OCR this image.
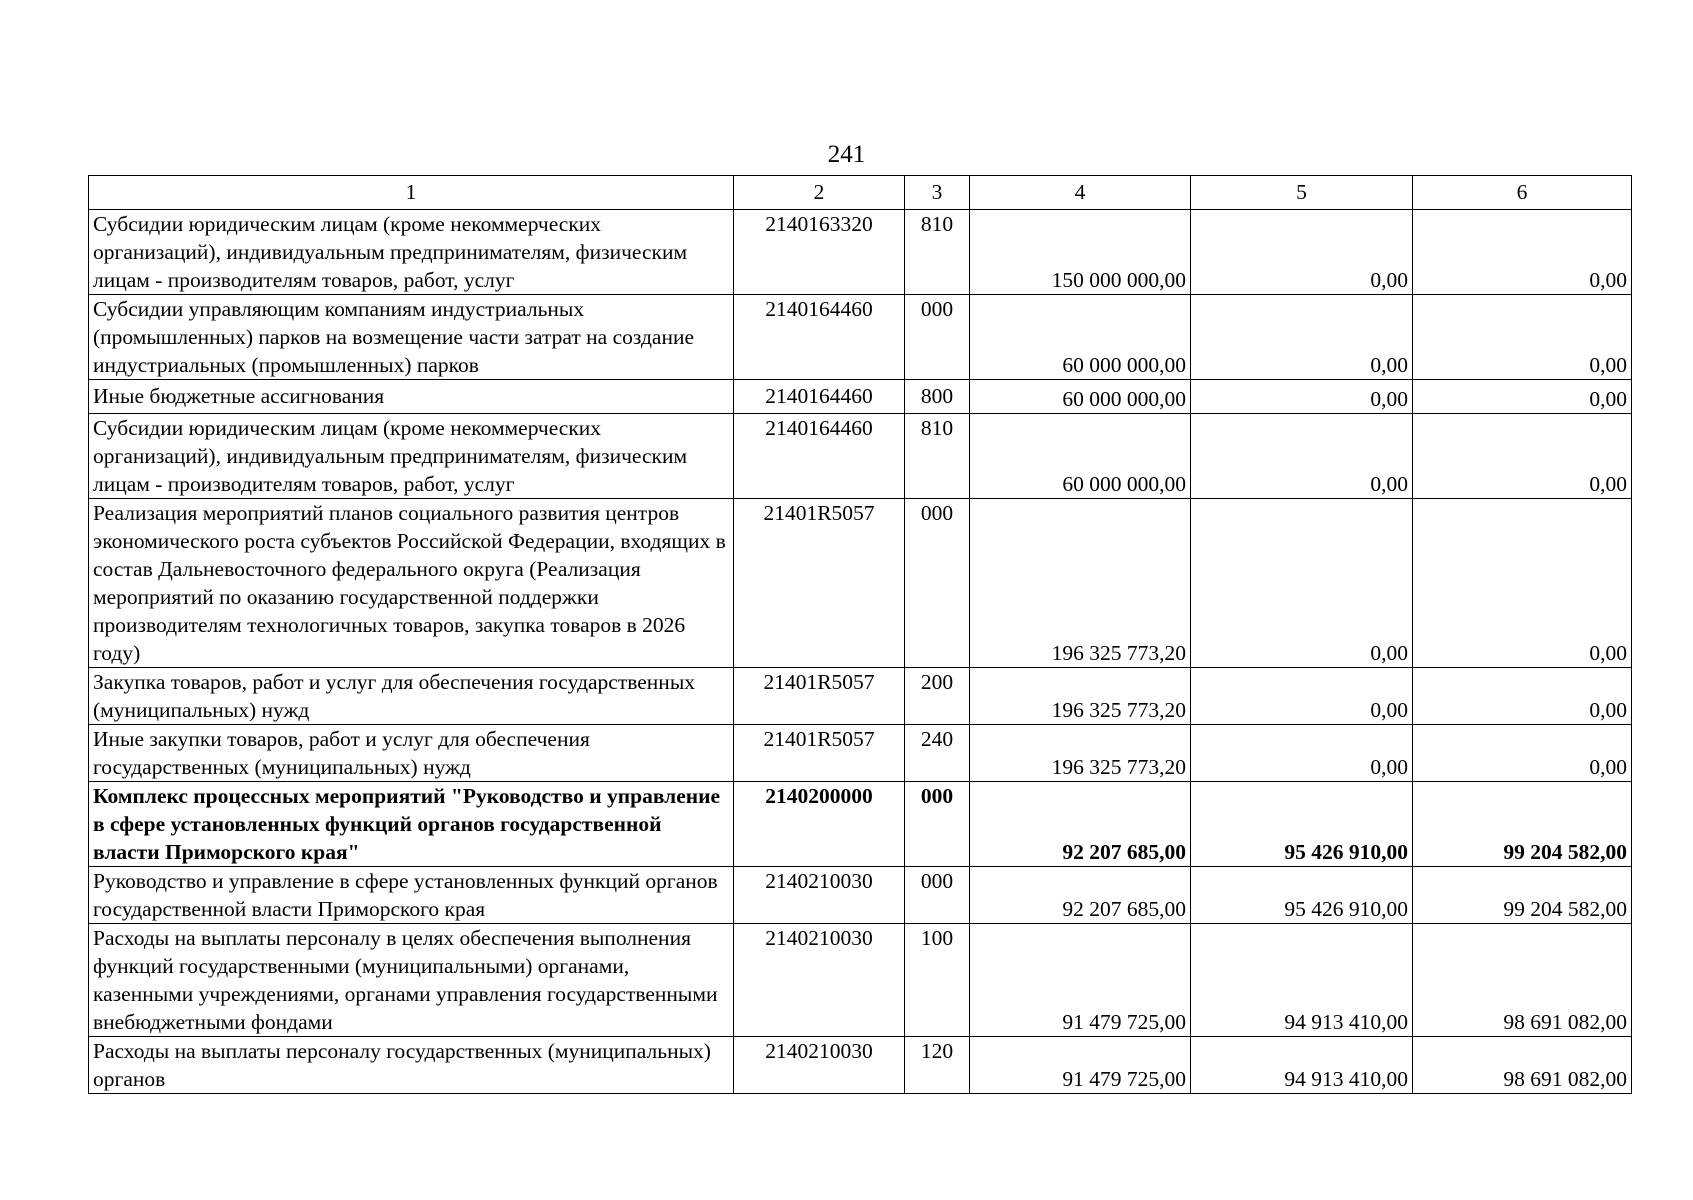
241
1	2	3	4	5	6
Субсидии юридическим лицам (кроме некоммерческих организаций), индивидуальным предпринимателям, физическим лицам - производителям товаров, работ, услуг	2140163320	810	150 000 000,00	0,00	0,00
Субсидии управляющим компаниям индустриальных (промышленных) парков на возмещение части затрат на создание индустриальных (промышленных) парков	2140164460	000	60 000 000,00	0,00	0,00
Иные бюджетные ассигнования	2140164460	800	60 000 000,00	0,00	0,00
Субсидии юридическим лицам (кроме некоммерческих организаций), индивидуальным предпринимателям, физическим лицам - производителям товаров, работ, услуг	2140164460	810	60 000 000,00	0,00	0,00
Реализация мероприятий планов социального развития центров экономического роста субъектов Российской Федерации, входящих в состав Дальневосточного федерального округа (Реализация мероприятий по оказанию государственной поддержки производителям технологичных товаров, закупка товаров в 2026 году)	21401R5057	000	196 325 773,20	0,00	0,00
Закупка товаров, работ и услуг для обеспечения государственных (муниципальных) нужд	21401R5057	200	196 325 773,20	0,00	0,00
Иные закупки товаров, работ и услуг для обеспечения государственных (муниципальных) нужд	21401R5057	240	196 325 773,20	0,00	0,00
Комплекс процессных мероприятий "Руководство и управление в сфере установленных функций органов государственной власти Приморского края"	2140200000	000	92 207 685,00	95 426 910,00	99 204 582,00
Руководство и управление в сфере установленных функций органов государственной власти Приморского края	2140210030	000	92 207 685,00	95 426 910,00	99 204 582,00
Расходы на выплаты персоналу в целях обеспечения выполнения функций государственными (муниципальными) органами, казенными учреждениями, органами управления государственными внебюджетными фондами	2140210030	100	91 479 725,00	94 913 410,00	98 691 082,00
Расходы на выплаты персоналу государственных (муниципальных) органов	2140210030	120	91 479 725,00	94 913 410,00	98 691 082,00
